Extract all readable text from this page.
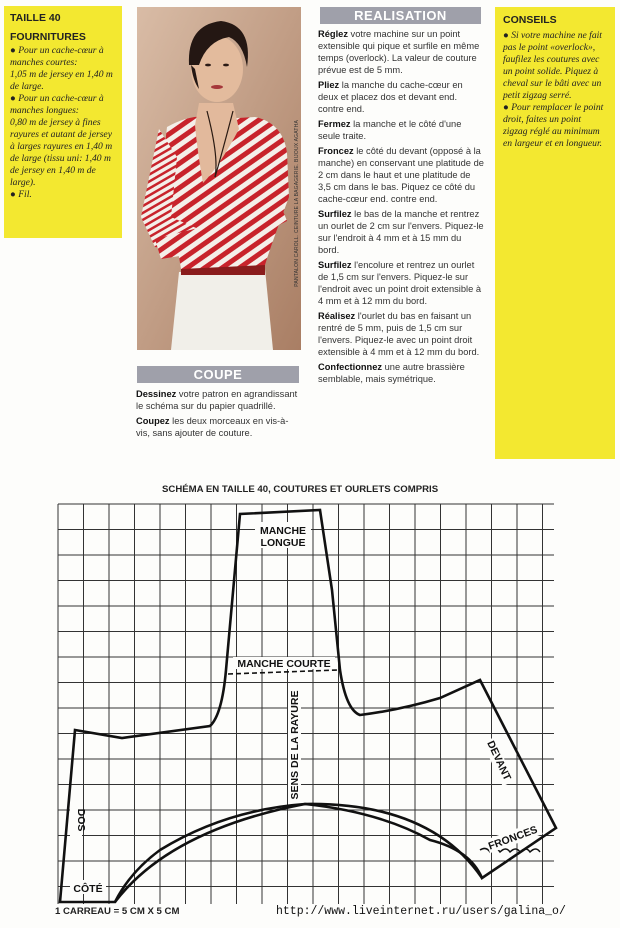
TAILLE 40

FOURNITURES

● Pour un cache-cœur à manches courtes:

1,05 m de jersey en 1,40 m de large.

● Pour un cache-cœur à manches longues:

0,80 m de jersey à fines rayures et autant de jersey à larges rayures en 1,40 m de large (tissu uni: 1,40 m de jersey en 1,40 m de large).

● Fil.	PANTALON CAROLL. CEINTURE LA BAGAGERIE. BIJOUX AGATHA
REALISATION

Réglez votre machine sur un point extensible qui pique et surfile en même temps (overlock). La valeur de couture prévue est de 5 mm.

Pliez la manche du cache-cœur en deux et placez dos et devant end. contre end.

Fermez la manche et le côté d'une seule traite.

Froncez le côté du devant (opposé à la manche) en conservant une platitude de 2 cm dans le haut et une platitude de 3,5 cm dans le bas. Piquez ce côté du cache-cœur end. contre end.

Surfilez le bas de la manche et rentrez un ourlet de 2 cm sur l'envers. Piquez-le sur l'endroit à 4 mm et à 15 mm du bord.

Surfilez l'encolure et rentrez un ourlet de 1,5 cm sur l'envers. Piquez-le sur l'endroit avec un point droit extensible à 4 mm et à 12 mm du bord.

Réalisez l'ourlet du bas en faisant un rentré de 5 mm, puis de 1,5 cm sur l'envers. Piquez-le avec un point droit extensible à 4 mm et à 12 mm du bord.

Confectionnez une autre brassière semblable, mais symétrique.

CONSEILS

● Si votre machine ne fait pas le point «overlock», faufilez les coutures avec un point solide. Piquez à cheval sur le bâti avec un petit zigzag serré.

● Pour remplacer le point droit, faites un point zigzag réglé au minimum en largeur et en longueur.

COUPE

Dessinez votre patron en agrandissant le schéma sur du papier quadrillé.

Coupez les deux morceaux en vis-à-vis, sans ajouter de couture.

SCHÉMA EN TAILLE 40, COUTURES ET OURLETS COMPRIS
MANCHE
LONGUE
MANCHE COURTE
SENS DE LA RAYURE	DEVANT
DOS
FRONCES
CÔTÉ
1 CARREAU = 5 CM X 5 CM	http://www.liveinternet.ru/users/galina_o/
